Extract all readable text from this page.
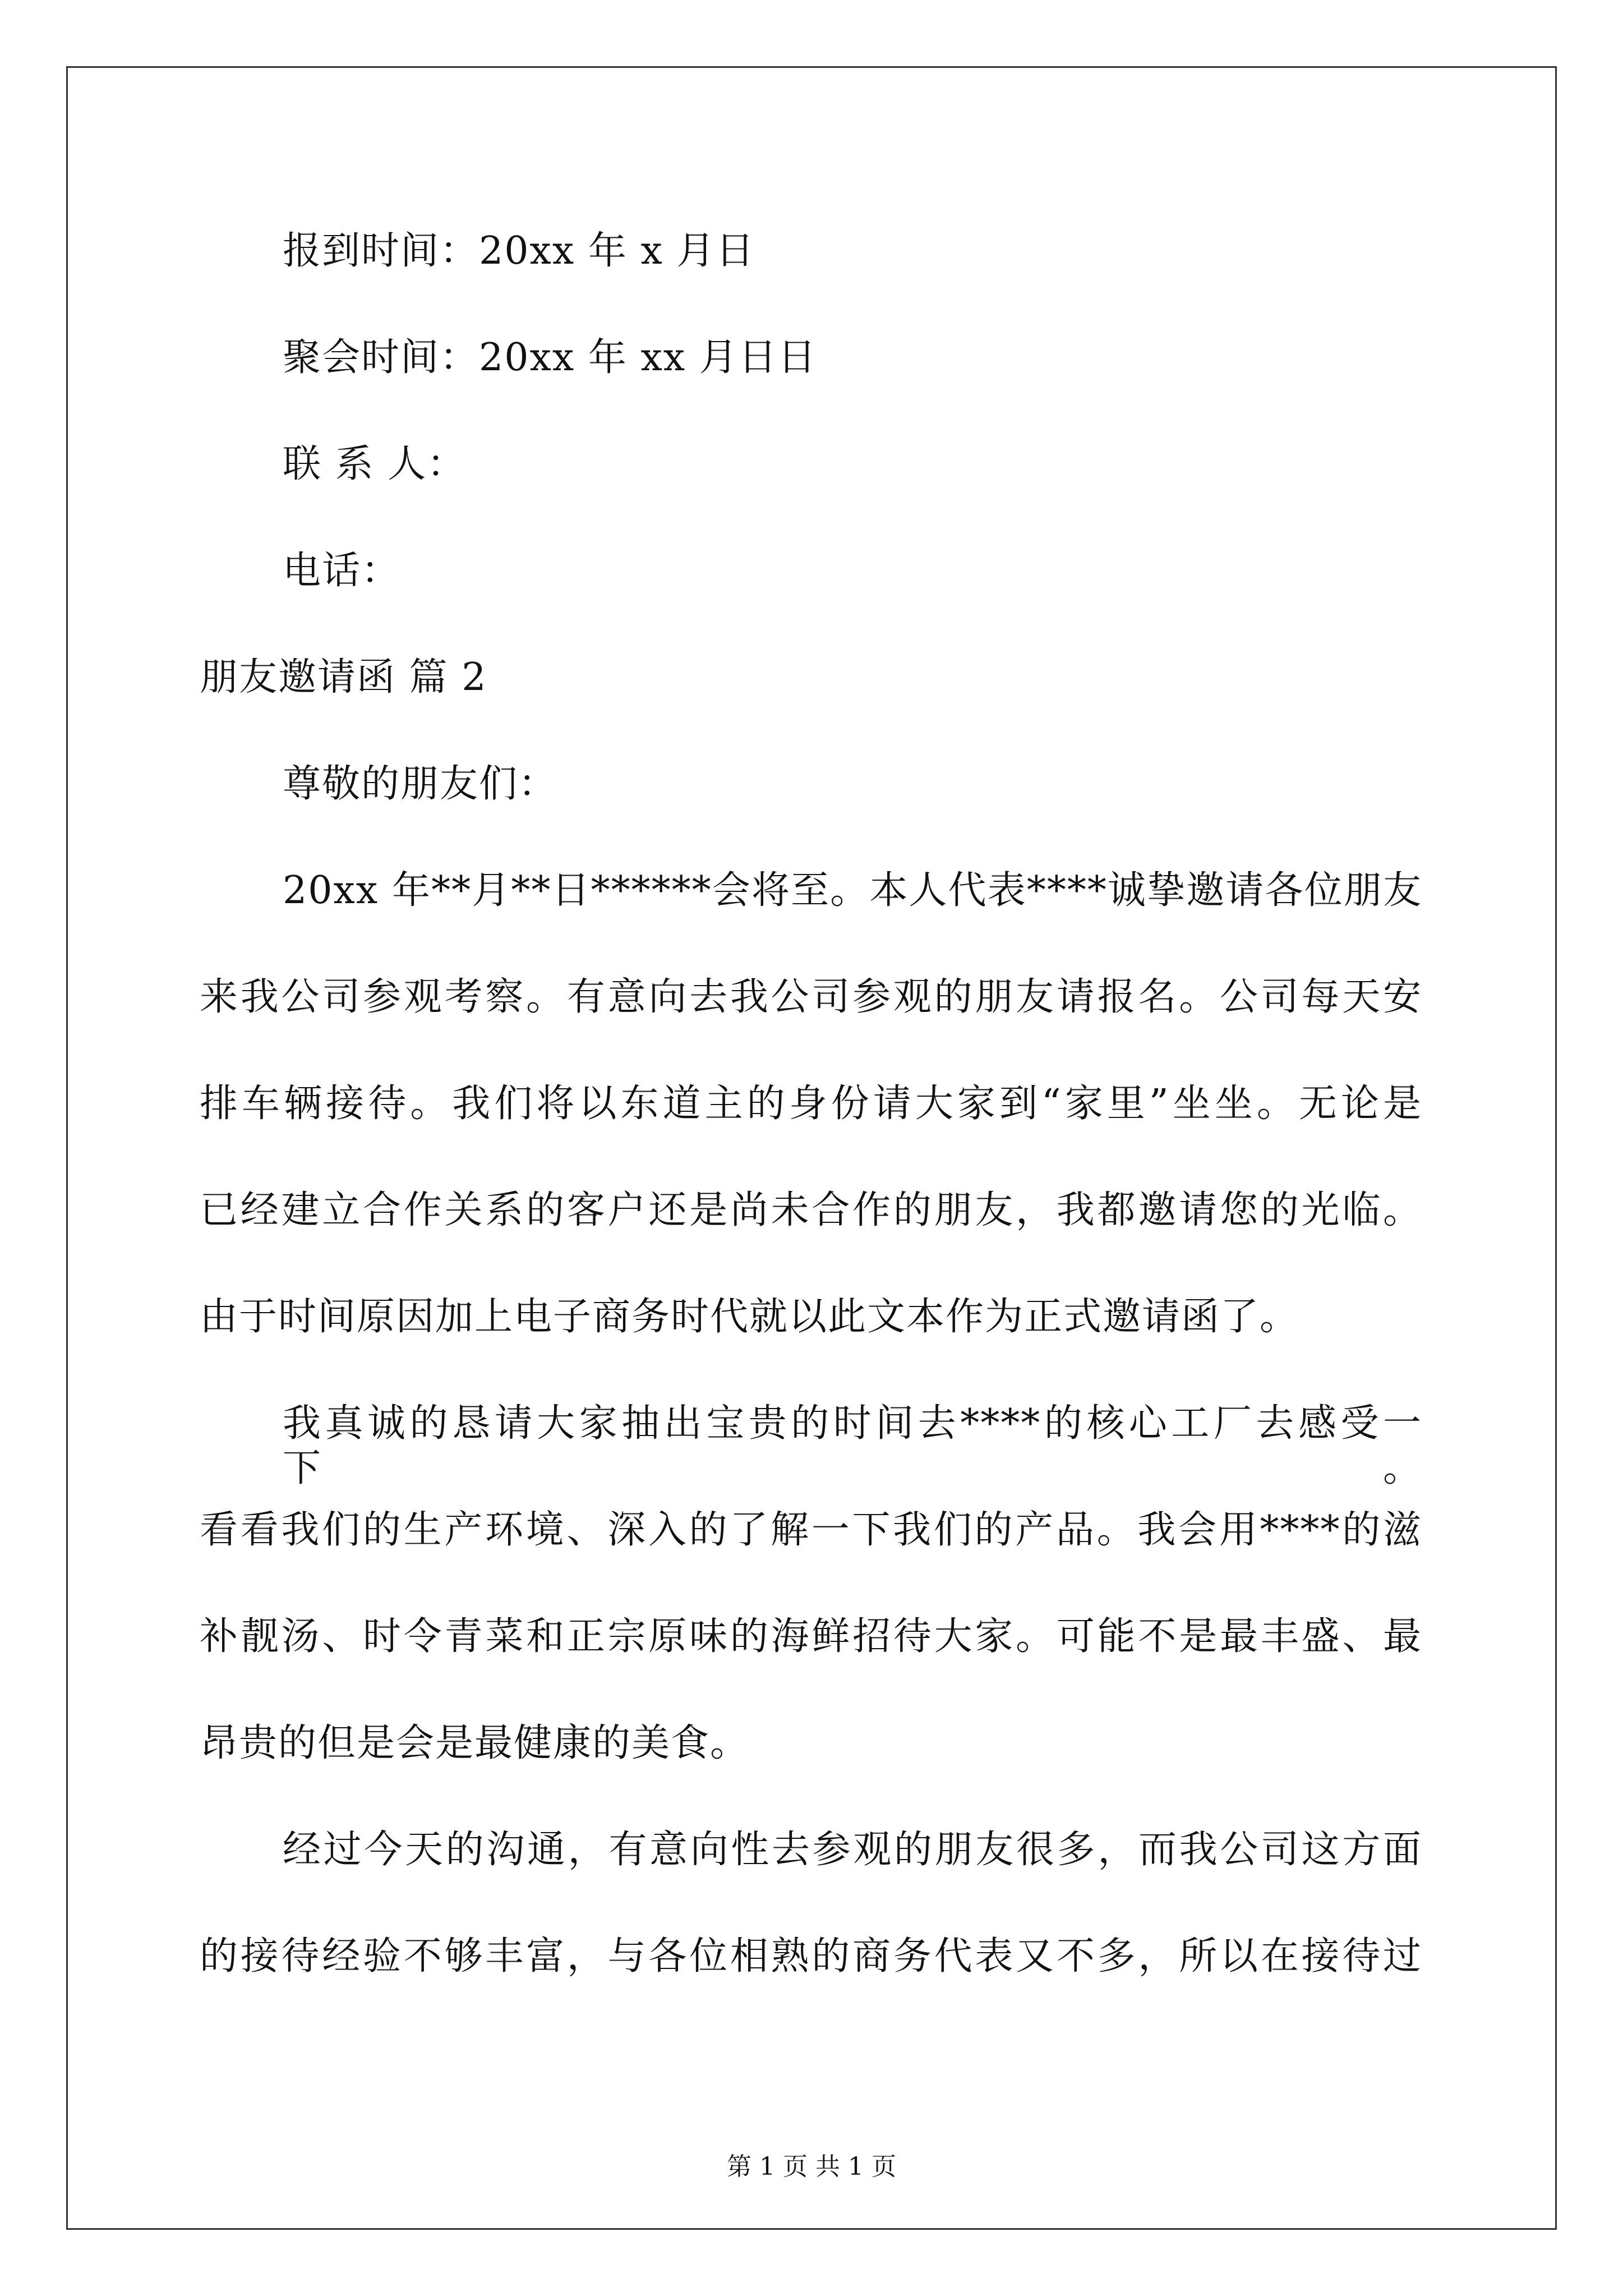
报到时间：20xx 年 x 月日
聚会时间：20xx 年 xx 月日日
联 系 人：
电话：
朋友邀请函 篇 2
尊敬的朋友们：
20xx 年**月**日******会将至。本人代表****诚挚邀请各位朋友
来我公司参观考察。有意向去我公司参观的朋友请报名。公司每天安
排车辆接待。我们将以东道主的身份请大家到“家里”坐坐。无论是
已经建立合作关系的客户还是尚未合作的朋友，我都邀请您的光临。
由于时间原因加上电子商务时代就以此文本作为正式邀请函了。
我真诚的恳请大家抽出宝贵的时间去****的核心工厂去感受一下。
看看我们的生产环境、深入的了解一下我们的产品。我会用****的滋
补靓汤、时令青菜和正宗原味的海鲜招待大家。可能不是最丰盛、最
昂贵的但是会是最健康的美食。
经过今天的沟通，有意向性去参观的朋友很多，而我公司这方面
的接待经验不够丰富，与各位相熟的商务代表又不多，所以在接待过
第 1 页 共 1 页
